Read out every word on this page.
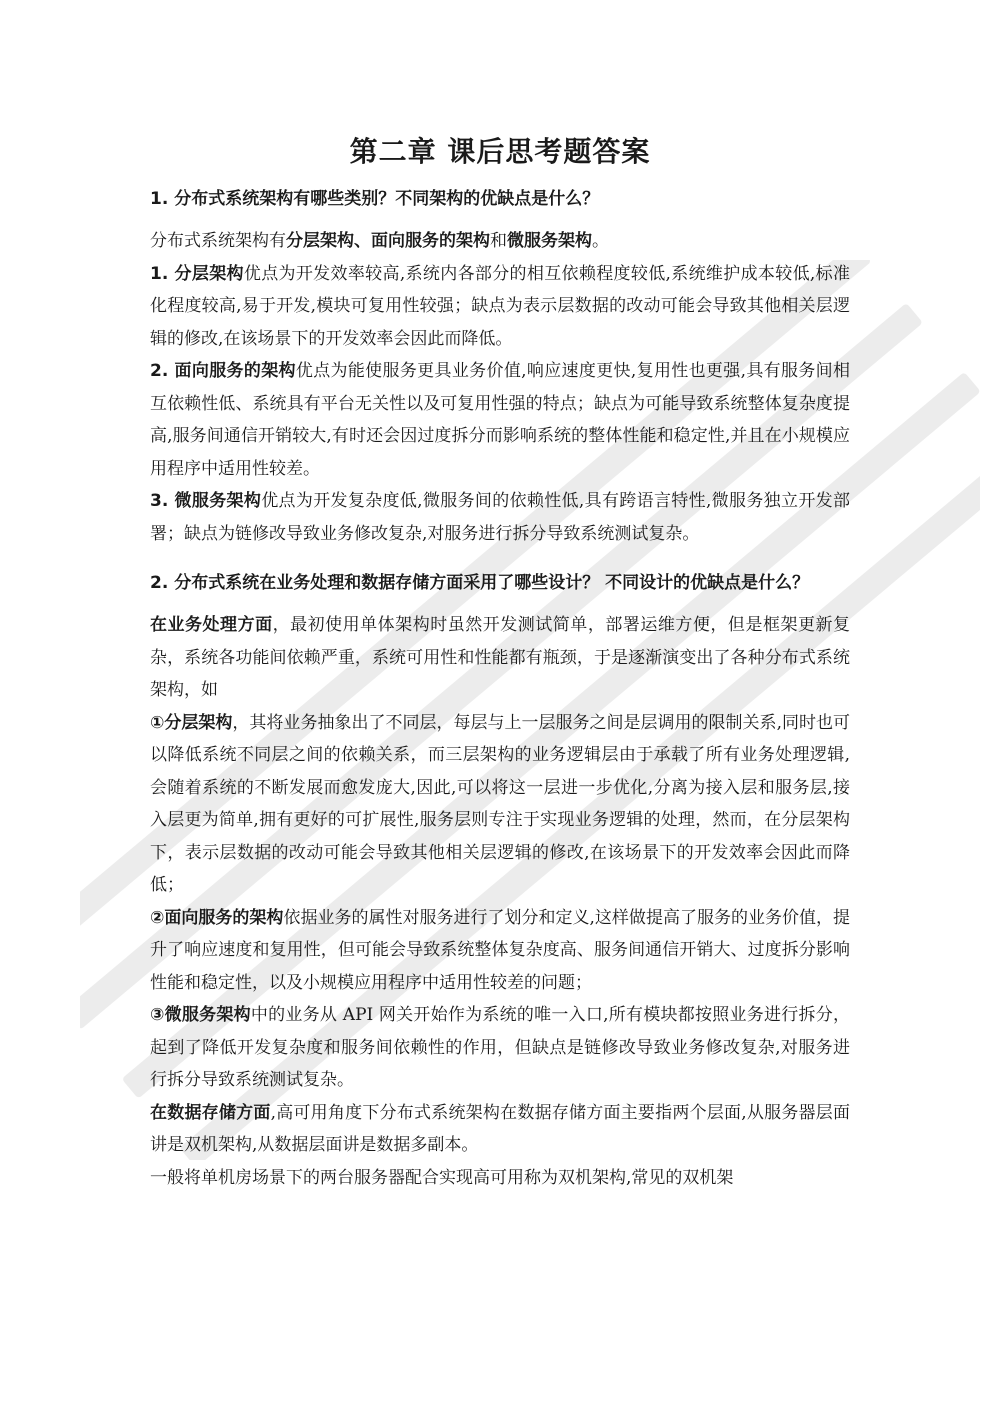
第二章 课后思考题答案
1. 分布式系统架构有哪些类别？不同架构的优缺点是什么？

分布式系统架构有分层架构、面向服务的架构和微服务架构。

1. 分层架构优点为开发效率较高,系统内各部分的相互依赖程度较低,系统维护成本较低,标准化程度较高,易于开发,模块可复用性较强；缺点为表示层数据的改动可能会导致其他相关层逻辑的修改,在该场景下的开发效率会因此而降低。

2. 面向服务的架构优点为能使服务更具业务价值,响应速度更快,复用性也更强,具有服务间相互依赖性低、系统具有平台无关性以及可复用性强的特点；缺点为可能导致系统整体复杂度提高,服务间通信开销较大,有时还会因过度拆分而影响系统的整体性能和稳定性,并且在小规模应用程序中适用性较差。

3. 微服务架构优点为开发复杂度低,微服务间的依赖性低,具有跨语言特性,微服务独立开发部署；缺点为链修改导致业务修改复杂,对服务进行拆分导致系统测试复杂。

2. 分布式系统在业务处理和数据存储方面采用了哪些设计？ 不同设计的优缺点是什么？

在业务处理方面，最初使用单体架构时虽然开发测试简单，部署运维方便，但是框架更新复杂，系统各功能间依赖严重，系统可用性和性能都有瓶颈，于是逐渐演变出了各种分布式系统架构，如

①分层架构，其将业务抽象出了不同层，每层与上一层服务之间是层调用的限制关系,同时也可以降低系统不同层之间的依赖关系，而三层架构的业务逻辑层由于承载了所有业务处理逻辑,会随着系统的不断发展而愈发庞大,因此,可以将这一层进一步优化,分离为接入层和服务层,接入层更为简单,拥有更好的可扩展性,服务层则专注于实现业务逻辑的处理，然而，在分层架构下，表示层数据的改动可能会导致其他相关层逻辑的修改,在该场景下的开发效率会因此而降低；

②面向服务的架构依据业务的属性对服务进行了划分和定义,这样做提高了服务的业务价值，提升了响应速度和复用性，但可能会导致系统整体复杂度高、服务间通信开销大、过度拆分影响性能和稳定性，以及小规模应用程序中适用性较差的问题；

③微服务架构中的业务从 API 网关开始作为系统的唯一入口,所有模块都按照业务进行拆分，起到了降低开发复杂度和服务间依赖性的作用，但缺点是链修改导致业务修改复杂,对服务进行拆分导致系统测试复杂。

在数据存储方面,高可用角度下分布式系统架构在数据存储方面主要指两个层面,从服务器层面讲是双机架构,从数据层面讲是数据多副本。

一般将单机房场景下的两台服务器配合实现高可用称为双机架构,常见的双机架
